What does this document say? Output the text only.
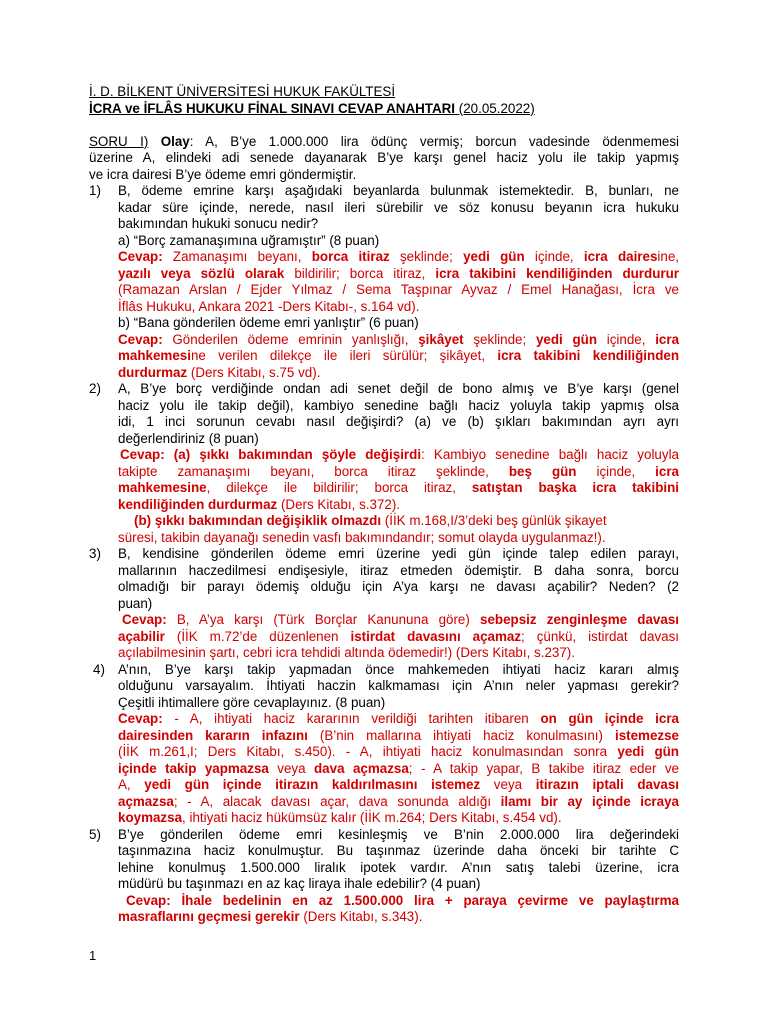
İ. D. BİLKENT ÜNİVERSİTESİ HUKUK FAKÜLTESİ
İCRA ve İFLÂS HUKUKU FİNAL SINAVI CEVAP ANAHTARI (20.05.2022)
SORU I) Olay: A, B’ye 1.000.000 lira ödünç vermiş; borcun vadesinde ödenmemesi
üzerine A, elindeki adi senede dayanarak B’ye karşı genel haciz yolu ile takip yapmış
ve icra dairesi B’ye ödeme emri göndermiştir.
1) B, ödeme emrine karşı aşağıdaki beyanlarda bulunmak istemektedir. B, bunları, ne
kadar süre içinde, nerede, nasıl ileri sürebilir ve söz konusu beyanın icra hukuku
bakımından hukuki sonucu nedir?
a) “Borç zamanaşımına uğramıştır” (8 puan)
Cevap: Zamanaşımı beyanı, borca itiraz şeklinde; yedi gün içinde, icra dairesine,
yazılı veya sözlü olarak bildirilir; borca itiraz, icra takibini kendiliğinden durdurur
(Ramazan Arslan / Ejder Yılmaz / Sema Taşpınar Ayvaz / Emel Hanağası, İcra ve
İflâs Hukuku, Ankara 2021 -Ders Kitabı-, s.164 vd).
b) “Bana gönderilen ödeme emri yanlıştır” (6 puan)
Cevap: Gönderilen ödeme emrinin yanlışlığı, şikâyet şeklinde; yedi gün içinde, icra
mahkemesine verilen dilekçe ile ileri sürülür; şikâyet, icra takibini kendiliğinden
durdurmaz (Ders Kitabı, s.75 vd).
2) A, B’ye borç verdiğinde ondan adi senet değil de bono almış ve B’ye karşı (genel
haciz yolu ile takip değil), kambiyo senedine bağlı haciz yoluyla takip yapmış olsa
idi, 1 inci sorunun cevabı nasıl değişirdi? (a) ve (b) şıkları bakımından ayrı ayrı
değerlendiriniz (8 puan)
Cevap: (a) şıkkı bakımından şöyle değişirdi: Kambiyo senedine bağlı haciz yoluyla
takipte zamanaşımı beyanı, borca itiraz şeklinde, beş gün içinde, icra
mahkemesine, dilekçe ile bildirilir; borca itiraz, satıştan başka icra takibini
kendiliğinden durdurmaz (Ders Kitabı, s.372).
(b) şıkkı bakımından değişiklik olmazdı (İİK m.168,I/3’deki beş günlük şikayet
süresi, takibin dayanağı senedin vasfı bakımındandır; somut olayda uygulanmaz!).
3) B, kendisine gönderilen ödeme emri üzerine yedi gün içinde talep edilen parayı,
mallarının haczedilmesi endişesiyle, itiraz etmeden ödemiştir. B daha sonra, borcu
olmadığı bir parayı ödemiş olduğu için A’ya karşı ne davası açabilir? Neden? (2
puan)
Cevap: B, A’ya karşı (Türk Borçlar Kanununa göre) sebepsiz zenginleşme davası
açabilir (İİK m.72’de düzenlenen istirdat davasını açamaz; çünkü, istirdat davası
açılabilmesinin şartı, cebri icra tehdidi altında ödemedir!) (Ders Kitabı, s.237).
4) A’nın, B’ye karşı takip yapmadan önce mahkemeden ihtiyati haciz kararı almış
olduğunu varsayalım. İhtiyati haczin kalkmaması için A’nın neler yapması gerekir?
Çeşitli ihtimallere göre cevaplayınız. (8 puan)
Cevap: - A, ihtiyati haciz kararının verildiği tarihten itibaren on gün içinde icra
dairesinden kararın infazını (B’nin mallarına ihtiyati haciz konulmasını) istemezse
(İİK m.261,I; Ders Kitabı, s.450). - A, ihtiyati haciz konulmasından sonra yedi gün
içinde takip yapmazsa veya dava açmazsa; - A takip yapar, B takibe itiraz eder ve
A, yedi gün içinde itirazın kaldırılmasını istemez veya itirazın iptali davası
açmazsa; - A, alacak davası açar, dava sonunda aldığı ilamı bir ay içinde icraya
koymazsa, ihtiyati haciz hükümsüz kalır (İİK m.264; Ders Kitabı, s.454 vd).
5) B’ye gönderilen ödeme emri kesinleşmiş ve B’nin 2.000.000 lira değerindeki
taşınmazına haciz konulmuştur. Bu taşınmaz üzerinde daha önceki bir tarihte C
lehine konulmuş 1.500.000 liralık ipotek vardır. A’nın satış talebi üzerine, icra
müdürü bu taşınmazı en az kaç liraya ihale edebilir? (4 puan)
Cevap: İhale bedelinin en az 1.500.000 lira + paraya çevirme ve paylaştırma
masraflarını geçmesi gerekir (Ders Kitabı, s.343).
1
